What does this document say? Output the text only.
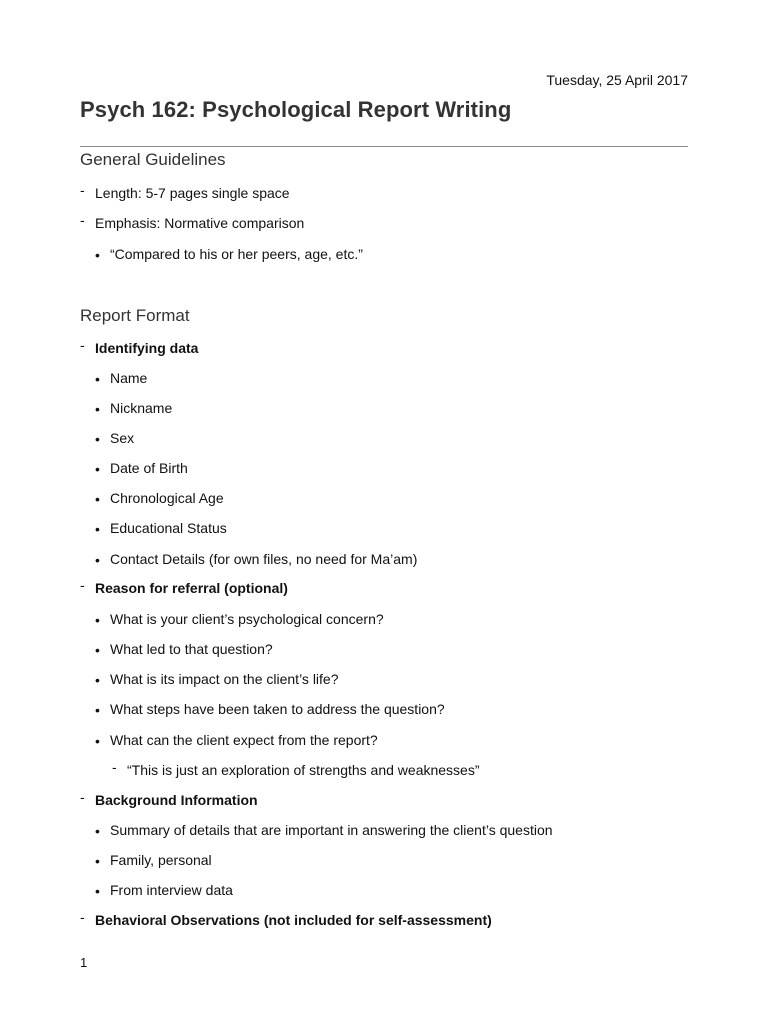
Tuesday, 25 April 2017
Psych 162: Psychological Report Writing
General Guidelines
- Length: 5-7 pages single space
- Emphasis: Normative comparison
• “Compared to his or her peers, age, etc.”
Report Format
- Identifying data
• Name
• Nickname
• Sex
• Date of Birth
• Chronological Age
• Educational Status
• Contact Details (for own files, no need for Ma’am)
- Reason for referral (optional)
• What is your client’s psychological concern?
• What led to that question?
• What is its impact on the client’s life?
• What steps have been taken to address the question?
• What can the client expect from the report?
- “This is just an exploration of strengths and weaknesses”
- Background Information
• Summary of details that are important in answering the client’s question
• Family, personal
• From interview data
- Behavioral Observations (not included for self-assessment)
1
